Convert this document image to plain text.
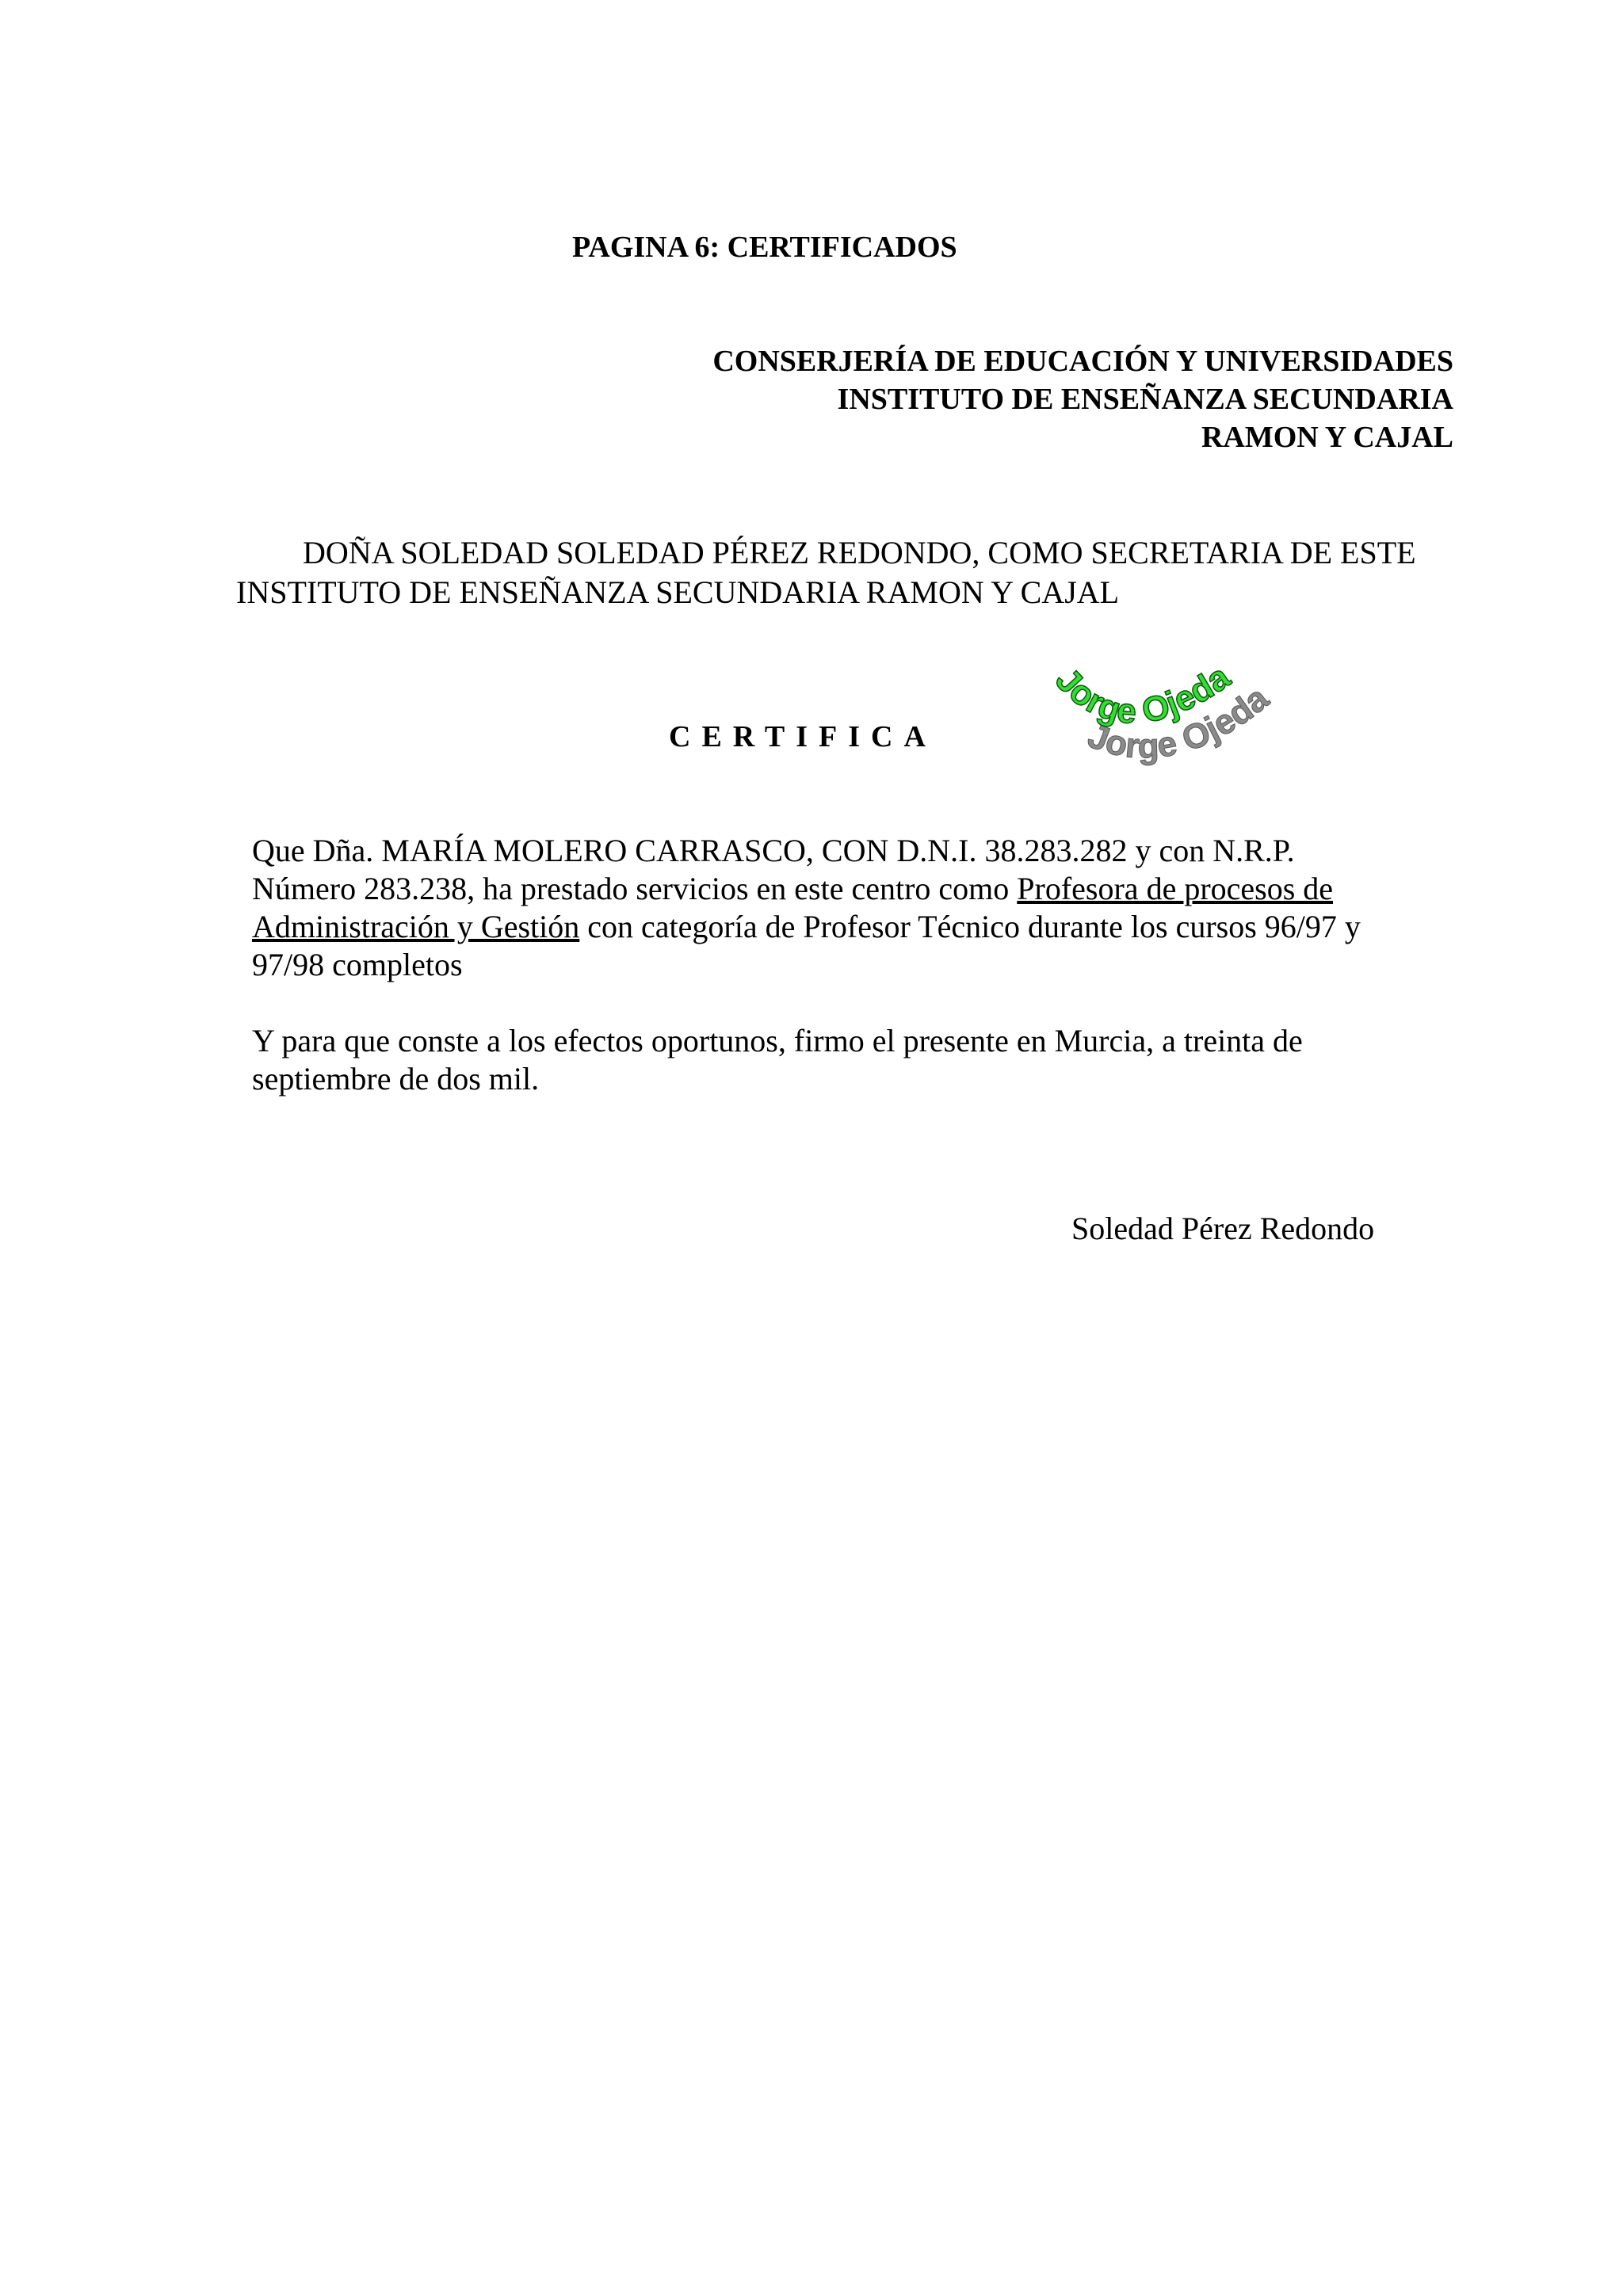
PAGINA 6: CERTIFICADOS
CONSERJERÍA DE EDUCACIÓN Y UNIVERSIDADES
INSTITUTO DE ENSEÑANZA SECUNDARIA
RAMON Y CAJAL
DOÑA SOLEDAD SOLEDAD PÉREZ REDONDO, COMO SECRETARIA DE ESTE
INSTITUTO DE ENSEÑANZA SECUNDARIA RAMON Y CAJAL
CERTIFICA	Jorge Ojeda
Jorge Ojeda
Que Dña. MARÍA MOLERO CARRASCO, CON D.N.I. 38.283.282 y con N.R.P.
Número 283.238, ha prestado servicios en este centro como Profesora de procesos de
Administración y Gestión con categoría de Profesor Técnico durante los cursos 96/97 y
97/98 completos
Y para que conste a los efectos oportunos, firmo el presente en Murcia, a treinta de
septiembre de dos mil.
Soledad Pérez Redondo
